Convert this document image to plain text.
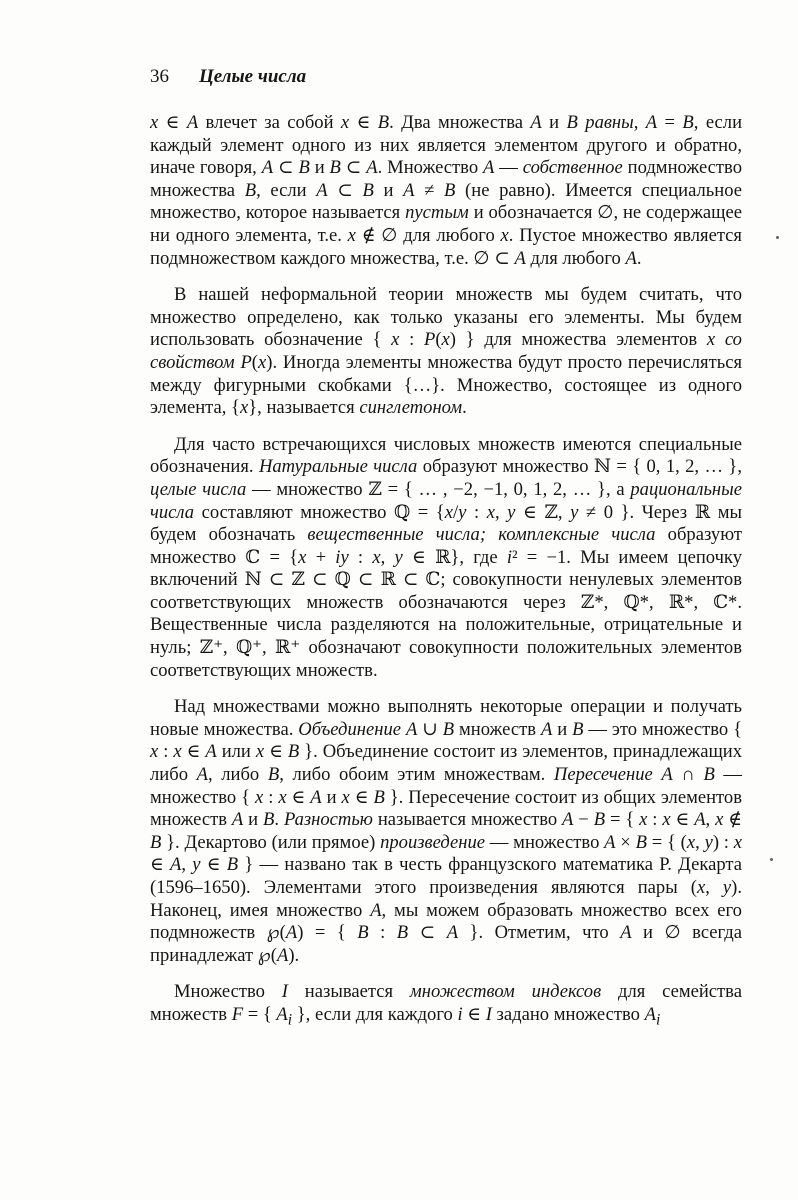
36 Целые числа

x ∈ A влечет за собой x ∈ B. Два множества A и B равны, A = B, если каждый элемент одного из них является элементом другого и обратно, иначе говоря, A ⊂ B и B ⊂ A. Множество A — собственное подмножество множества B, если A ⊂ B и A ≠ B (не равно). Имеется специальное множество, которое называется пустым и обозначается ∅, не содержащее ни одного элемента, т.е. x ∉ ∅ для любого x. Пустое множество является подмножеством каждого множества, т.е. ∅ ⊂ A для любого A.

В нашей неформальной теории множеств мы будем считать, что множество определено, как только указаны его элементы. Мы будем использовать обозначение { x : P(x) } для множества элементов x со свойством P(x). Иногда элементы множества будут просто перечисляться между фигурными скобками {…}. Множество, состоящее из одного элемента, {x}, называется синглетоном.

Для часто встречающихся числовых множеств имеются специальные обозначения. Натуральные числа образуют множество ℕ = { 0, 1, 2, … }, целые числа — множество ℤ = { … , −2, −1, 0, 1, 2, … }, а рациональные числа составляют множество ℚ = {x/y : x, y ∈ ℤ, y ≠ 0 }. Через ℝ мы будем обозначать вещественные числа; комплексные числа образуют множество ℂ = {x + iy : x, y ∈ ℝ}, где i² = −1. Мы имеем цепочку включений ℕ ⊂ ℤ ⊂ ℚ ⊂ ℝ ⊂ ℂ; совокупности ненулевых элементов соответствующих множеств обозначаются через ℤ*, ℚ*, ℝ*, ℂ*. Вещественные числа разделяются на положительные, отрицательные и нуль; ℤ⁺, ℚ⁺, ℝ⁺ обозначают совокупности положительных элементов соответствующих множеств.

Над множествами можно выполнять некоторые операции и получать новые множества. Объединение A ∪ B множеств A и B — это множество { x : x ∈ A или x ∈ B }. Объединение состоит из элементов, принадлежащих либо A, либо B, либо обоим этим множествам. Пересечение A ∩ B — множество { x : x ∈ A и x ∈ B }. Пересечение состоит из общих элементов множеств A и B. Разностью называется множество A − B = { x : x ∈ A, x ∉ B }. Декартово (или прямое) произведение — множество A × B = { (x, y) : x ∈ A, y ∈ B } — названо так в честь французского математика Р. Декарта (1596–1650). Элементами этого произведения являются пары (x, y). Наконец, имея множество A, мы можем образовать множество всех его подмножеств ℘(A) = { B : B ⊂ A }. Отметим, что A и ∅ всегда принадлежат ℘(A).

Множество I называется множеством индексов для семейства множеств F = { $A_i$ }, если для каждого i ∈ I задано множество $A_i$
